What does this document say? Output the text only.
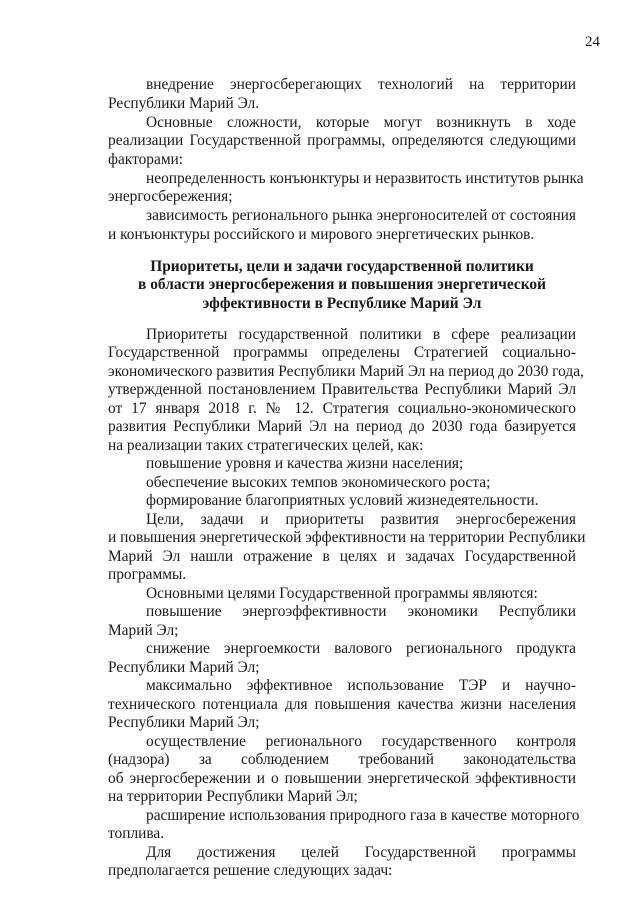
24
внедрение энергосберегающих технологий на территории
Республики Марий Эл.
Основные сложности, которые могут возникнуть в ходе
реализации Государственной программы, определяются следующими
факторами:
неопределенность конъюнктуры и неразвитость институтов рынка
энергосбережения;
зависимость регионального рынка энергоносителей от состояния
и конъюнктуры российского и мирового энергетических рынков.
Приоритеты, цели и задачи государственной политики
в области энергосбережения и повышения энергетической
эффективности в Республике Марий Эл
Приоритеты государственной политики в сфере реализации
Государственной программы определены Стратегией социально-
экономического развития Республики Марий Эл на период до 2030 года,
утвержденной постановлением Правительства Республики Марий Эл
от 17 января 2018 г. № 12. Стратегия социально-экономического
развития Республики Марий Эл на период до 2030 года базируется
на реализации таких стратегических целей, как:
повышение уровня и качества жизни населения;
обеспечение высоких темпов экономического роста;
формирование благоприятных условий жизнедеятельности.
Цели, задачи и приоритеты развития энергосбережения
и повышения энергетической эффективности на территории Республики
Марий Эл нашли отражение в целях и задачах Государственной
программы.
Основными целями Государственной программы являются:
повышение энергоэффективности экономики Республики
Марий Эл;
снижение энергоемкости валового регионального продукта
Республики Марий Эл;
максимально эффективное использование ТЭР и научно-
технического потенциала для повышения качества жизни населения
Республики Марий Эл;
осуществление регионального государственного контроля
(надзора) за соблюдением требований законодательства
об энергосбережении и о повышении энергетической эффективности
на территории Республики Марий Эл;
расширение использования природного газа в качестве моторного
топлива.
Для достижения целей Государственной программы
предполагается решение следующих задач:
